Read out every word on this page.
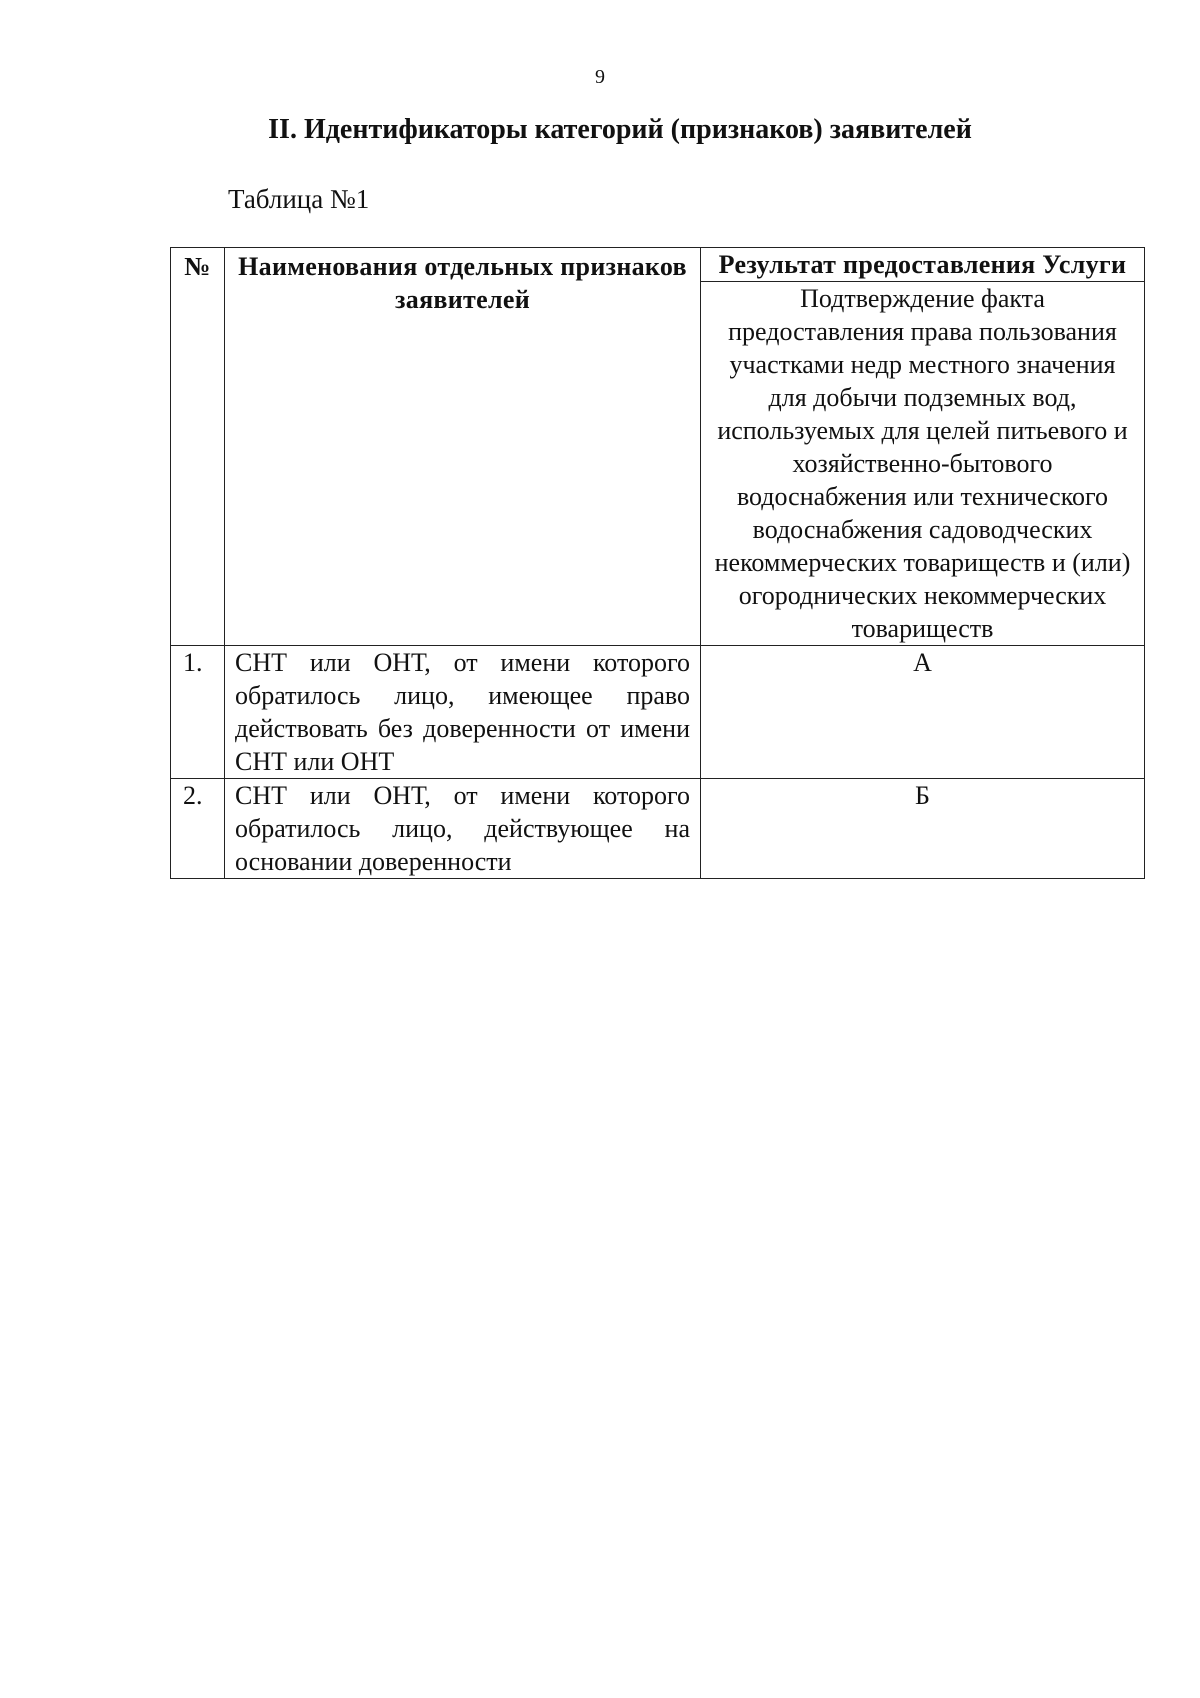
9
II. Идентификаторы категорий (признаков) заявителей
Таблица №1
№	Наименования отдельных признаков заявителей	Результат предоставления Услуги
		Подтверждение факта предоставления права пользования участками недр местного значения для добычи подземных вод, используемых для целей питьевого и хозяйственно-бытового водоснабжения или технического водоснабжения садоводческих некоммерческих товариществ и (или) огороднических некоммерческих товариществ
1.	СНТ или ОНТ, от имени которого обратилось лицо, имеющее право действовать без доверенности от имени СНТ или ОНТ	А
2.	СНТ или ОНТ, от имени которого обратилось лицо, действующее на основании доверенности	Б
